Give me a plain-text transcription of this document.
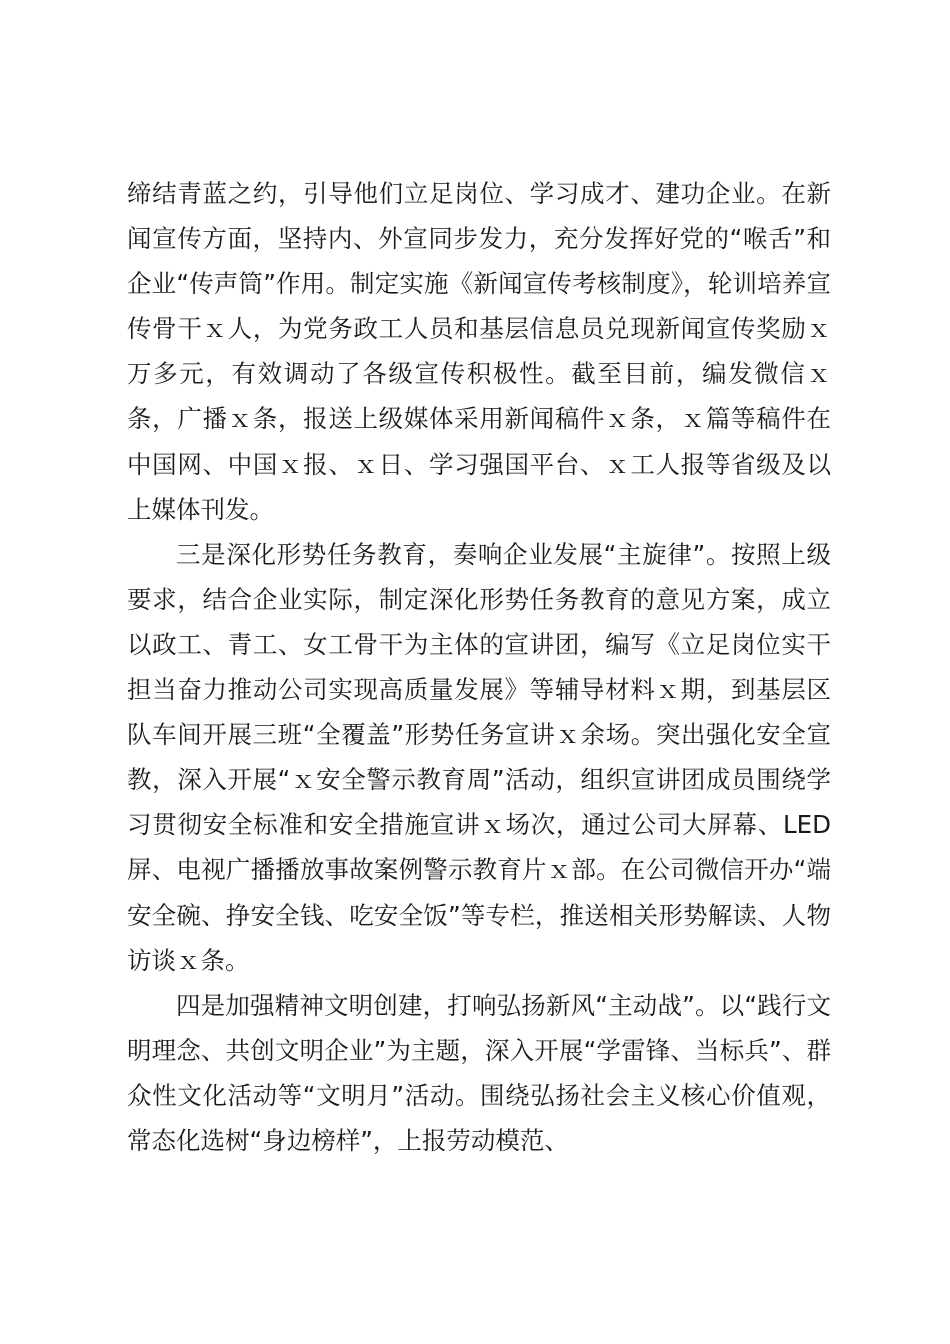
缔结青蓝之约，引导他们立足岗位、学习成才、建功企业。在新闻宣传方面，坚持内、外宣同步发力，充分发挥好党的“喉舌”和企业“传声筒”作用。制定实施《新闻宣传考核制度》，轮训培养宣传骨干ｘ人，为党务政工人员和基层信息员兑现新闻宣传奖励ｘ万多元，有效调动了各级宣传积极性。截至目前，编发微信ｘ条，广播ｘ条，报送上级媒体采用新闻稿件ｘ条，ｘ篇等稿件在中国网、中国ｘ报、ｘ日、学习强国平台、ｘ工人报等省级及以上媒体刊发。

三是深化形势任务教育，奏响企业发展“主旋律”。按照上级要求，结合企业实际，制定深化形势任务教育的意见方案，成立以政工、青工、女工骨干为主体的宣讲团，编写《立足岗位实干担当奋力推动公司实现高质量发展》等辅导材料ｘ期，到基层区队车间开展三班“全覆盖”形势任务宣讲ｘ余场。突出强化安全宣教，深入开展“ｘ安全警示教育周”活动，组织宣讲团成员围绕学习贯彻安全标准和安全措施宣讲ｘ场次，通过公司大屏幕、LED屏、电视广播播放事故案例警示教育片ｘ部。在公司微信开办“端安全碗、挣安全钱、吃安全饭”等专栏，推送相关形势解读、人物访谈ｘ条。

四是加强精神文明创建，打响弘扬新风“主动战”。以“践行文明理念、共创文明企业”为主题，深入开展“学雷锋、当标兵”、群众性文化活动等“文明月”活动。围绕弘扬社会主义核心价值观，常态化选树“身边榜样”，上报劳动模范、
